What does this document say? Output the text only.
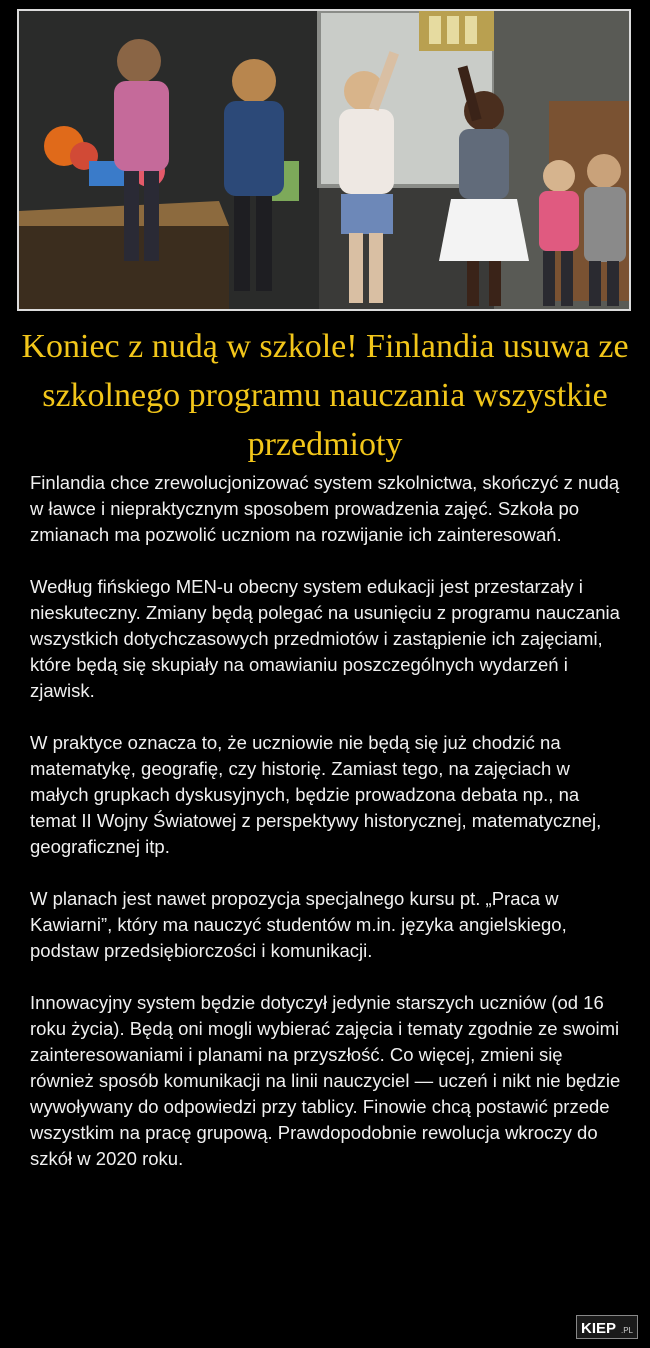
Koniec z nudą w szkole! Finlandia usuwa ze szkolnego programu nauczania wszystkie przedmioty

Finlandia chce zrewolucjonizować system szkolnictwa, skończyć z nudą w ławce i niepraktycznym sposobem prowadzenia zajęć. Szkoła po zmianach ma pozwolić uczniom na rozwijanie ich zainteresowań.

Według fińskiego MEN-u obecny system edukacji jest przestarzały i nieskuteczny. Zmiany będą polegać na usunięciu z programu nauczania wszystkich dotychczasowych przedmiotów i zastąpienie ich zajęciami, które będą się skupiały na omawianiu poszczególnych wydarzeń i zjawisk.

W praktyce oznacza to, że uczniowie nie będą się już chodzić na matematykę, geografię, czy historię. Zamiast tego, na zajęciach w małych grupkach dyskusyjnych, będzie prowadzona debata np., na temat II Wojny Światowej z perspektywy historycznej, matematycznej, geograficznej itp.

W planach jest nawet propozycja specjalnego kursu pt. „Praca w Kawiarni”, który ma nauczyć studentów m.in. języka angielskiego, podstaw przedsiębiorczości i komunikacji.

Innowacyjny system będzie dotyczył jedynie starszych uczniów (od 16 roku życia). Będą oni mogli wybierać zajęcia i tematy zgodnie ze swoimi zainteresowaniami i planami na przyszłość. Co więcej, zmieni się również sposób komunikacji na linii nauczyciel — uczeń i nikt nie będzie wywoływany do odpowiedzi przy tablicy. Finowie chcą postawić przede wszystkim na pracę grupową. Prawdopodobnie rewolucja wkroczy do szkół w 2020 roku.

KIEP .PL
